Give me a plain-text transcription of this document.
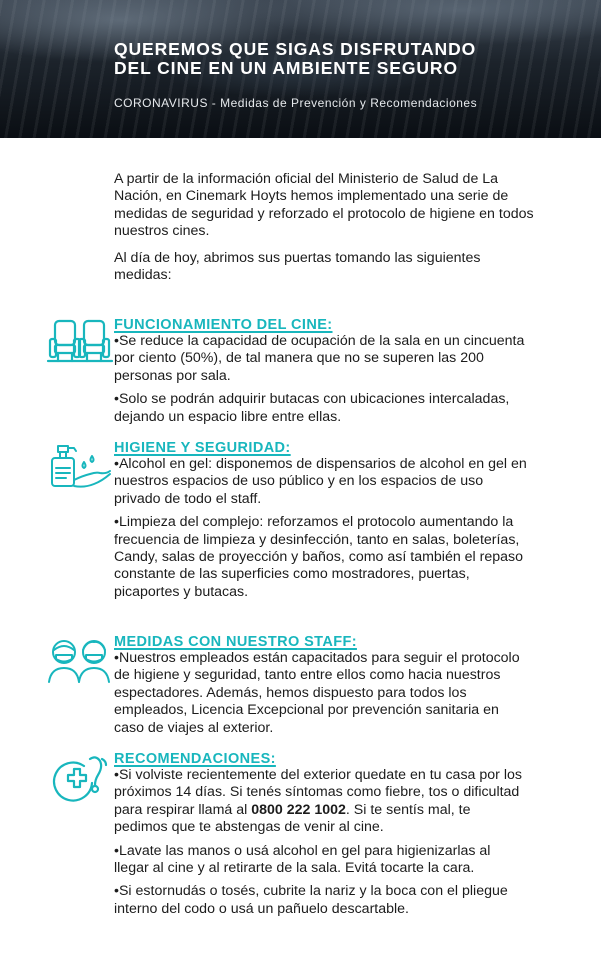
QUEREMOS QUE SIGAS DISFRUTANDO
DEL CINE EN UN AMBIENTE SEGURO
CORONAVIRUS - Medidas de Prevención y Recomendaciones

A partir de la información oficial del Ministerio de Salud de La Nación, en Cinemark Hoyts hemos implementado una serie de medidas de seguridad y reforzado el protocolo de higiene en todos nuestros cines.

Al día de hoy, abrimos sus puertas tomando las siguientes medidas:

FUNCIONAMIENTO DEL CINE:

•Se reduce la capacidad de ocupación de la sala en un cincuenta por ciento (50%), de tal manera que no se superen las 200 personas por sala.

•Solo se podrán adquirir butacas con ubicaciones intercaladas, dejando un espacio libre entre ellas.

HIGIENE Y SEGURIDAD:

•Alcohol en gel: disponemos de dispensarios de alcohol en gel en nuestros espacios de uso público y en los espacios de uso privado de todo el staff.

•Limpieza del complejo: reforzamos el protocolo aumentando la frecuencia de limpieza y desinfección, tanto en salas, boleterías, Candy, salas de proyección y baños, como así también el repaso constante de las superficies como mostradores, puertas, picaportes y butacas.

MEDIDAS CON NUESTRO STAFF:

•Nuestros empleados están capacitados para seguir el protocolo de higiene y seguridad, tanto entre ellos como hacia nuestros espectadores. Además, hemos dispuesto para todos los empleados, Licencia Excepcional por prevención sanitaria en caso de viajes al exterior.

RECOMENDACIONES:

•Si volviste recientemente del exterior quedate en tu casa por los próximos 14 días. Si tenés síntomas como fiebre, tos o dificultad para respirar llamá al 0800 222 1002. Si te sentís mal, te pedimos que te abstengas de venir al cine.

•Lavate las manos o usá alcohol en gel para higienizarlas al llegar al cine y al retirarte de la sala. Evitá tocarte la cara.

•Si estornudás o tosés, cubrite la nariz y la boca con el pliegue interno del codo o usá un pañuelo descartable.
